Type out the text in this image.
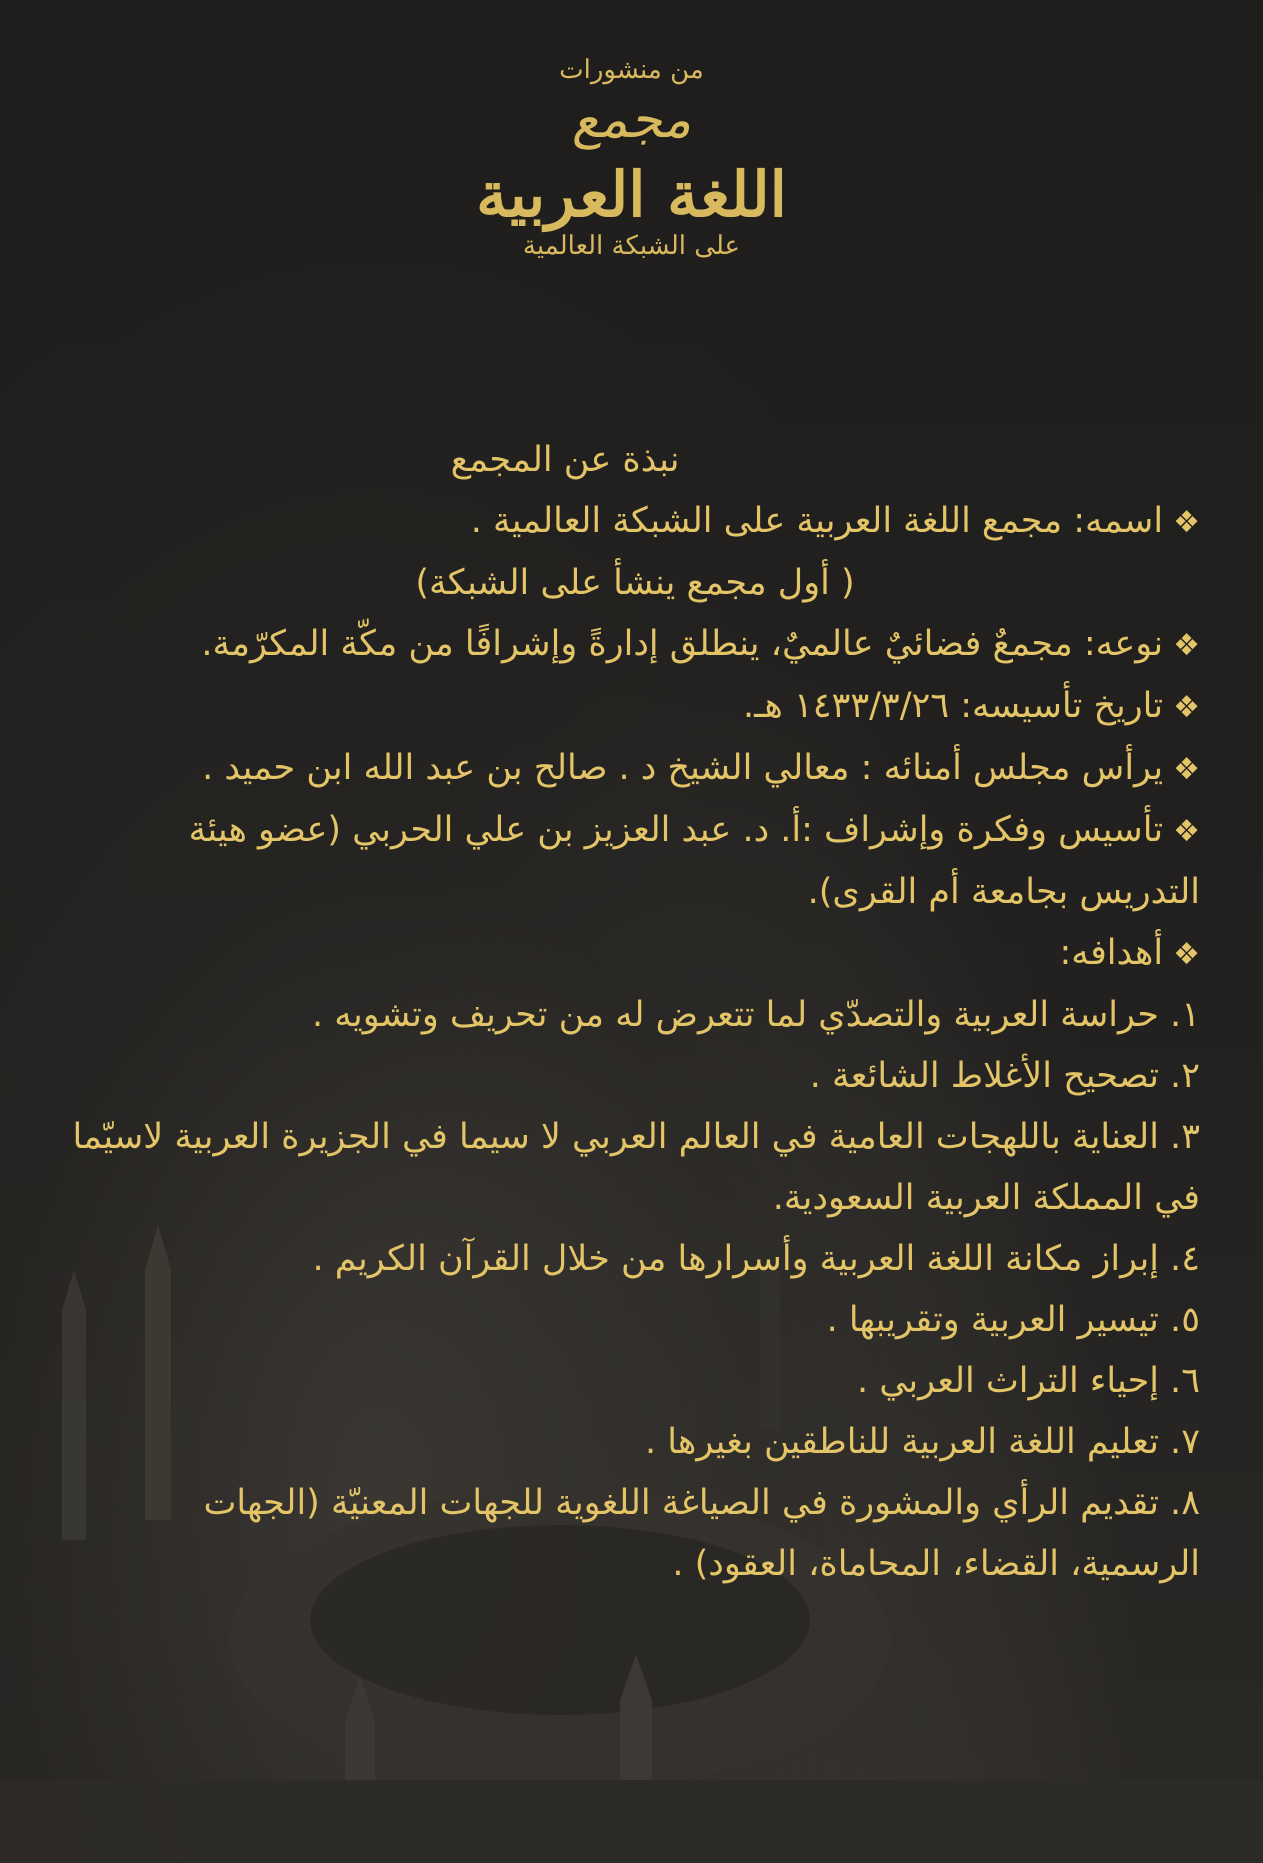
من منشورات
مجمع
اللغة العربية
على الشبكة العالمية
نبذة عن المجمع
❖اسمه: مجمع اللغة العربية على الشبكة العالمية .
( أول مجمع ينشأ على الشبكة)
❖نوعه: مجمعٌ فضائيٌ عالميٌ، ينطلق إدارةً وإشرافًا من مكّة المكرّمة.
❖تاريخ تأسيسه: ١٤٣٣/٣/٢٦ هـ.
❖يرأس مجلس أمنائه : معالي الشيخ د . صالح بن عبد الله ابن حميد .
❖تأسيس وفكرة وإشراف :أ. د. عبد العزيز بن علي الحربي (عضو هيئة التدريس بجامعة أم القرى).
❖أهدافه:
١. حراسة العربية والتصدّي لما تتعرض له من تحريف وتشويه .
٢. تصحيح الأغلاط الشائعة .
٣. العناية باللهجات العامية في العالم العربي لا سيما في الجزيرة العربية لاسيّما في المملكة العربية السعودية.
٤. إبراز مكانة اللغة العربية وأسرارها من خلال القرآن الكريم .
٥. تيسير العربية وتقريبها .
٦. إحياء التراث العربي .
٧. تعليم اللغة العربية للناطقين بغيرها .
٨. تقديم الرأي والمشورة في الصياغة اللغوية للجهات المعنيّة (الجهات الرسمية، القضاء، المحاماة، العقود) .
